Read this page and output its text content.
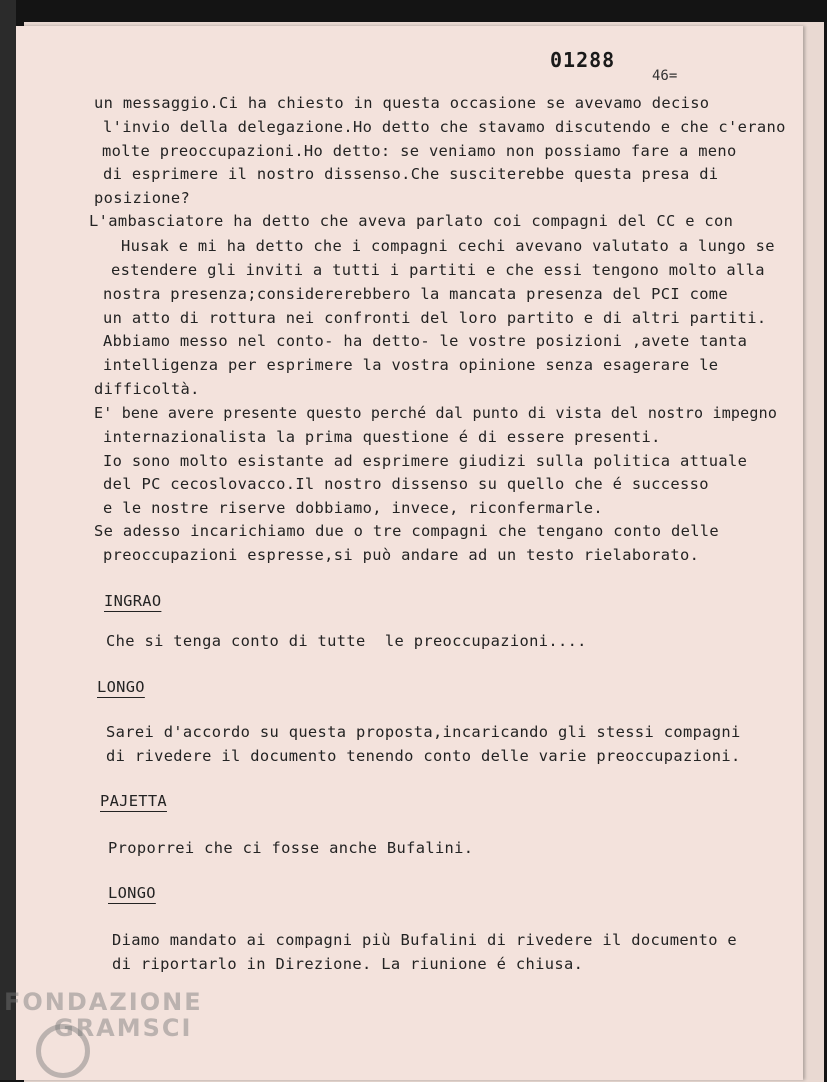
01288
46=
un messaggio.Ci ha chiesto in questa occasione se avevamo deciso
l'invio della delegazione.Ho detto che stavamo discutendo e che c'erano
molte preoccupazioni.Ho detto: se veniamo non possiamo fare a meno
di esprimere il nostro dissenso.Che susciterebbe questa presa di
posizione?
L'ambasciatore ha detto che aveva parlato coi compagni del CC e con
Husak e mi ha detto che i compagni cechi avevano valutato a lungo se
estendere gli inviti a tutti i partiti e che essi tengono molto alla
nostra presenza;considererebbero la mancata presenza del PCI come
un atto di rottura nei confronti del loro partito e di altri partiti.
Abbiamo messo nel conto- ha detto- le vostre posizioni ,avete tanta
intelligenza per esprimere la vostra opinione senza esagerare le
difficoltà.
E' bene avere presente questo perché dal punto di vista del nostro impegno
internazionalista la prima questione é di essere presenti.
Io sono molto esistante ad esprimere giudizi sulla politica attuale
del PC cecoslovacco.Il nostro dissenso su quello che é successo
e le nostre riserve dobbiamo, invece, riconfermarle.
Se adesso incarichiamo due o tre compagni che tengano conto delle
preoccupazioni espresse,si può andare ad un testo rielaborato.
INGRAO
Che si tenga conto di tutte  le preoccupazioni....
LONGO
Sarei d'accordo su questa proposta,incaricando gli stessi compagni
di rivedere il documento tenendo conto delle varie preoccupazioni.
PAJETTA
Proporrei che ci fosse anche Bufalini.
LONGO
Diamo mandato ai compagni più Bufalini di rivedere il documento e
di riportarlo in Direzione. La riunione é chiusa.
FONDAZIONE
GRAMSCI
